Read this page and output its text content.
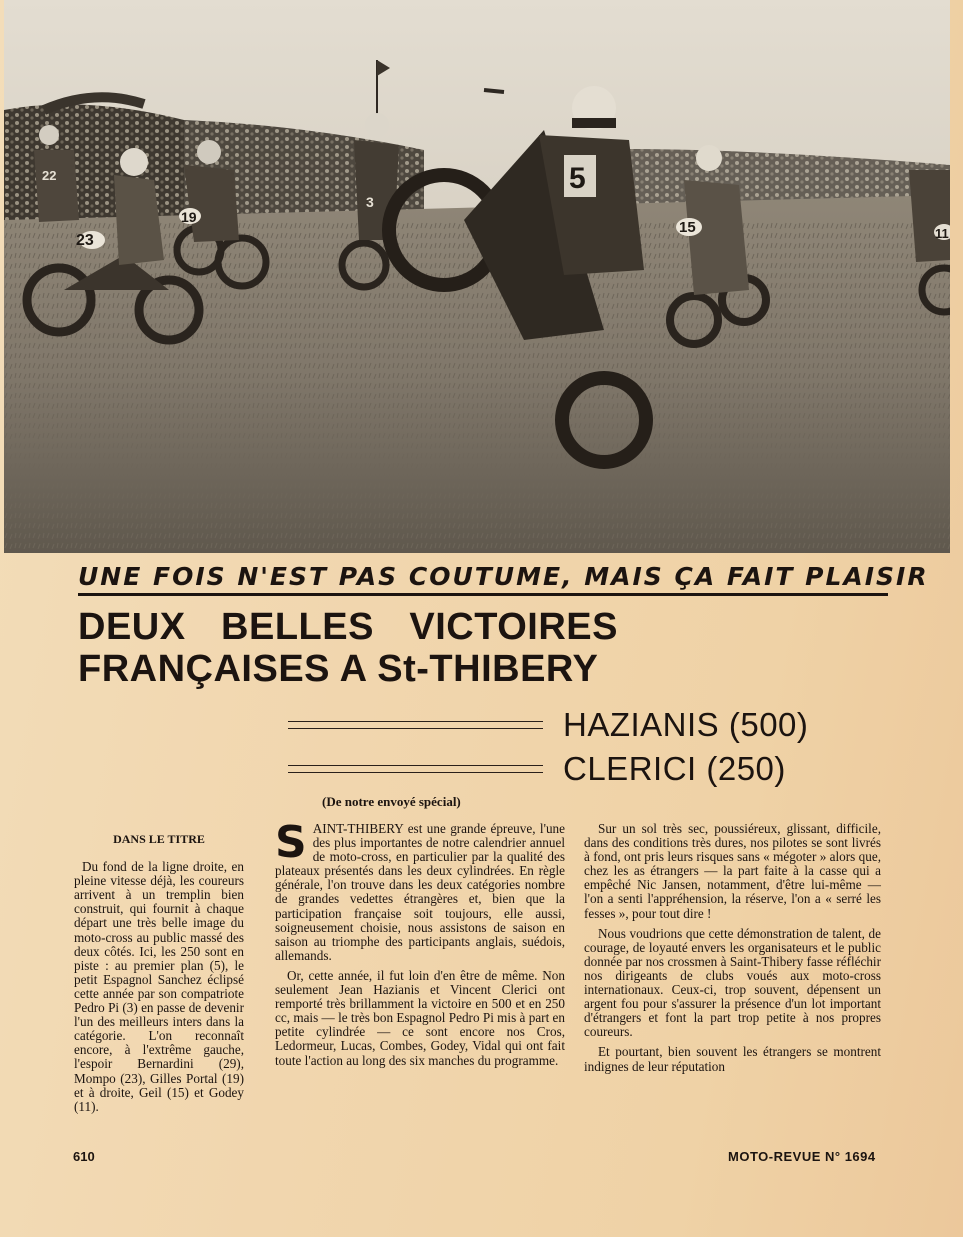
23
5
19
3
15	11
22
UNE FOIS N'EST PAS COUTUME, MAIS ÇA FAIT PLAISIR
DEUX BELLES VICTOIRES
FRANÇAISES A St-THIBERY
HAZIANIS (500)
CLERICI (250)
(De notre envoyé spécial)
DANS LE TITRE

Du fond de la ligne droite, en pleine vitesse déjà, les coureurs arrivent à un tremplin bien construit, qui fournit à chaque départ une très belle image du moto-cross au public massé des deux côtés. Ici, les 250 sont en piste : au premier plan (5), le petit Espagnol Sanchez éclipsé cette année par son compatriote Pedro Pi (3) en passe de devenir l'un des meilleurs inters dans la catégorie. L'on reconnaît encore, à l'extrême gauche, l'espoir Bernardini (29), Mompo (23), Gilles Portal (19) et à droite, Geil (15) et Godey (11).

SAINT-THIBERY est une grande épreuve, l'une des plus importantes de notre calendrier annuel de moto-cross, en particulier par la qualité des plateaux présentés dans les deux cylindrées. En règle générale, l'on trouve dans les deux catégories nombre de grandes vedettes étrangères et, bien que la participation française soit toujours, elle aussi, soigneusement choisie, nous assistons de saison en saison au triomphe des participants anglais, suédois, allemands.

Or, cette année, il fut loin d'en être de même. Non seulement Jean Hazianis et Vincent Clerici ont remporté très brillamment la victoire en 500 et en 250 cc, mais — le très bon Espagnol Pedro Pi mis à part en petite cylindrée — ce sont encore nos Cros, Ledormeur, Lucas, Combes, Godey, Vidal qui ont fait toute l'action au long des six manches du programme.

Sur un sol très sec, poussiéreux, glissant, difficile, dans des conditions très dures, nos pilotes se sont livrés à fond, ont pris leurs risques sans « mégoter » alors que, chez les as étrangers — la part faite à la casse qui a empêché Nic Jansen, notamment, d'être lui-même — l'on a senti l'appréhension, la réserve, l'on a « serré les fesses », pour tout dire !

Nous voudrions que cette démonstration de talent, de courage, de loyauté envers les organisateurs et le public donnée par nos crossmen à Saint-Thibery fasse réfléchir nos dirigeants de clubs voués aux moto-cross internationaux. Ceux-ci, trop souvent, dépensent un argent fou pour s'assurer la présence d'un lot important d'étrangers et font la part trop petite à nos propres coureurs.

Et pourtant, bien souvent les étrangers se montrent indignes de leur réputation

610	MOTO-REVUE N° 1694
